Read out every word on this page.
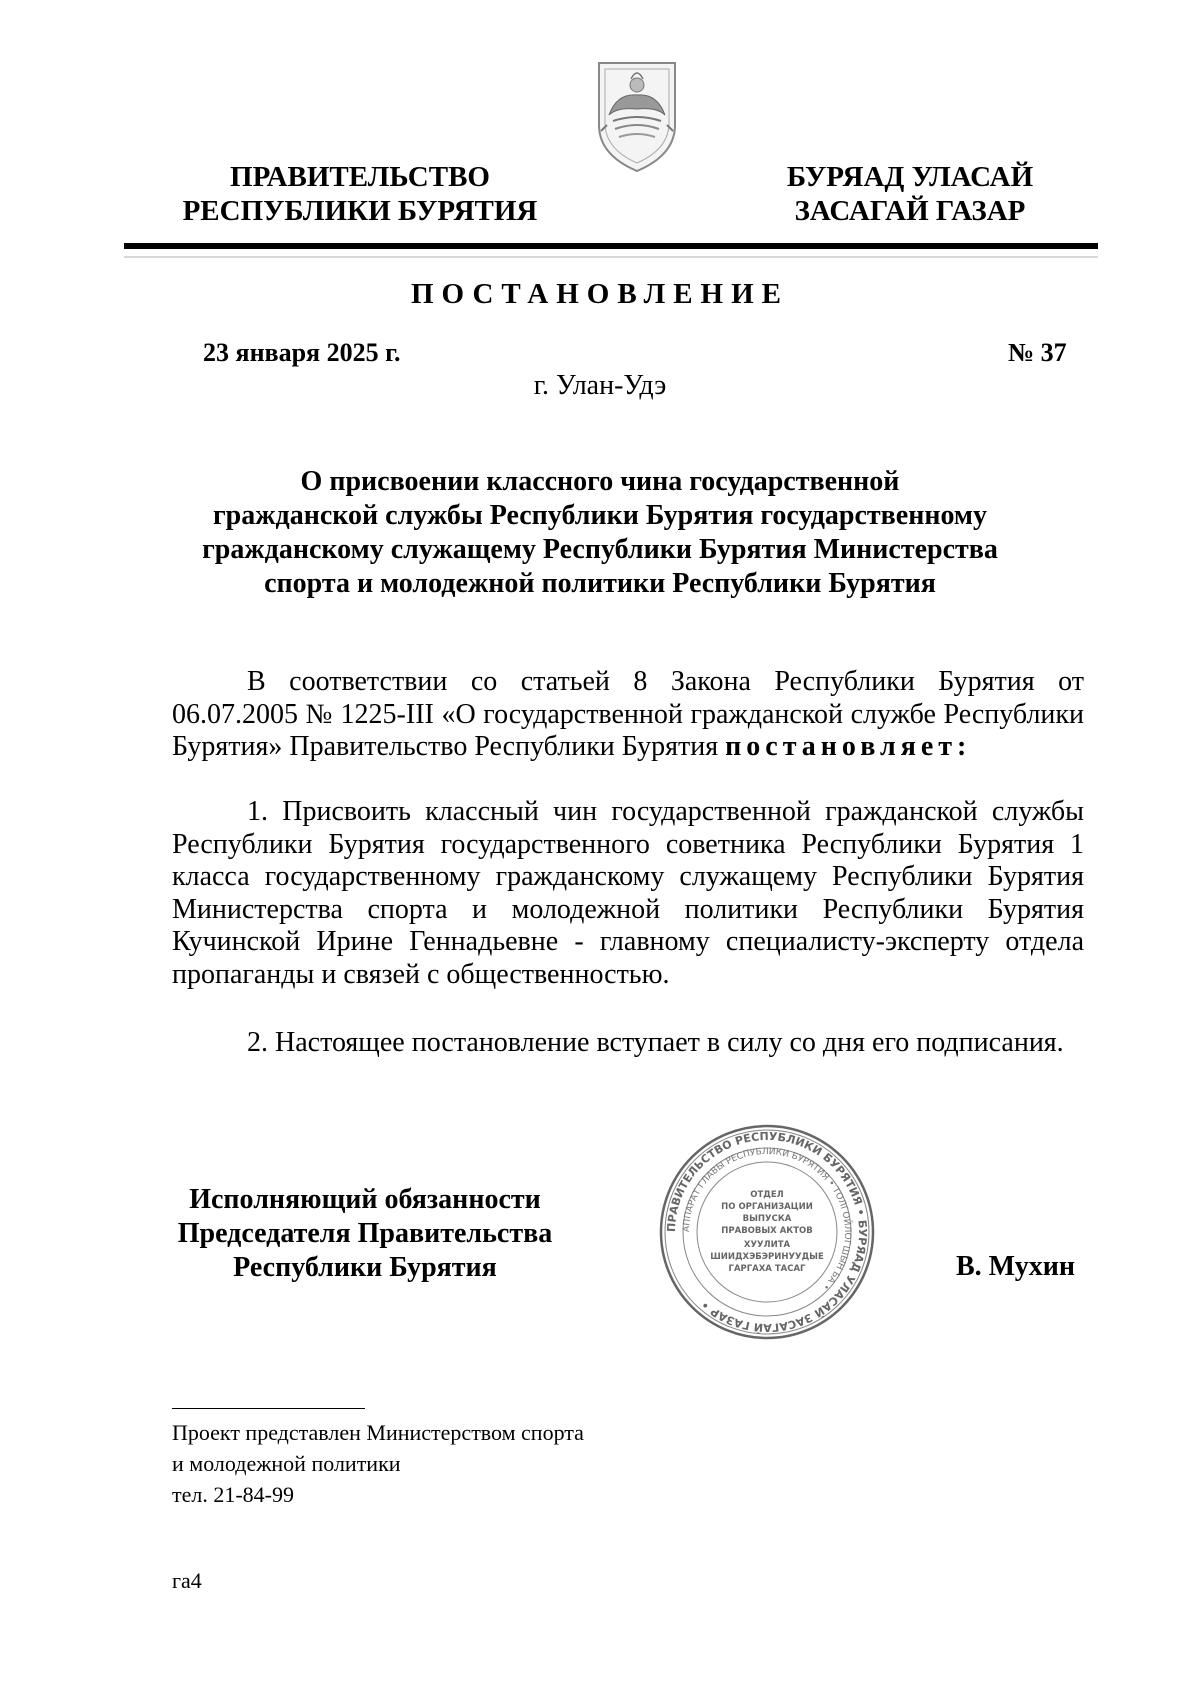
ПРАВИТЕЛЬСТВО
РЕСПУБЛИКИ БУРЯТИЯ
БУРЯАД УЛАСАЙ
ЗАСАГАЙ ГАЗАР
ПОСТАНОВЛЕНИЕ
23 января 2025 г.	№ 37
г. Улан-Удэ
О присвоении классного чина государственной
гражданской службы Республики Бурятия государственному
гражданскому служащему Республики Бурятия Министерства
спорта и молодежной политики Республики Бурятия
В соответствии со статьей 8 Закона Республики Бурятия от 06.07.2005 № 1225-III «О государственной гражданской службе Республики Бурятия» Правительство Республики Бурятия постановляет:
1. Присвоить классный чин государственной гражданской службы Республики Бурятия государственного советника Республики Бурятия 1 класса государственному гражданскому служащему Республики Бурятия Министерства спорта и молодежной политики Республики Бурятия Кучинской Ирине Геннадьевне - главному специалисту-эксперту отдела пропаганды и связей с общественностью.
2. Настоящее постановление вступает в силу со дня его подписания.
Исполняющий обязанности
Председателя Правительства
Республики Бурятия
ПРАВИТЕЛЬСТВО РЕСПУБЛИКИ БУРЯТИЯ • БУРЯАД УЛАСАЙ ЗАСАГАЙ ГАЗАР •
АППАРАТ ГЛАВЫ РЕСПУБЛИКИ БУРЯТИЯ • ТОЛГОЙЛОГШЫН БА •
ОТДЕЛ
ПО ОРГАНИЗАЦИИ
ВЫПУСКА
ПРАВОВЫХ АКТОВ
ХУУЛИТА
ШИИДХЭБЭРИНУУДЫЕ
ГАРГАХА ТАСАГ	В. Мухин
Проект представлен Министерством спорта
и молодежной политики
тел. 21-84-99
га4
